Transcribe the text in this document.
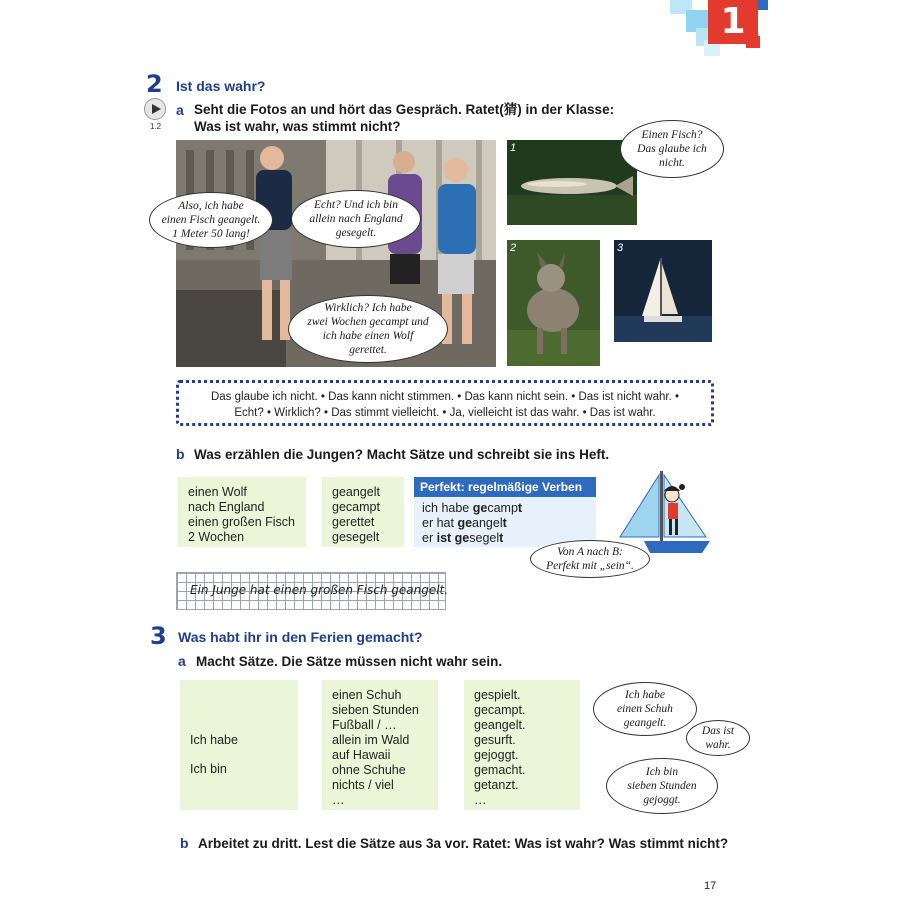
1
2 Ist das wahr?
1.2
a Seht die Fotos an und hört das Gespräch. Ratet(猜) in der Klasse:
Was ist wahr, was stimmt nicht?
1
2	3
Also, ich habe
einen Fisch geangelt.
1 Meter 50 lang!
Echt? Und ich bin
allein nach England
gesegelt.
Wirklich? Ich habe
zwei Wochen gecampt und
ich habe einen Wolf
gerettet.
Einen Fisch?
Das glaube ich
nicht.
Das glaube ich nicht. • Das kann nicht stimmen. • Das kann nicht sein. • Das ist nicht wahr. •
Echt? • Wirklich? • Das stimmt vielleicht. • Ja, vielleicht ist das wahr. • Das ist wahr.
b Was erzählen die Jungen? Macht Sätze und schreibt sie ins Heft.
einen Wolf
nach England
einen großen Fisch
2 Wochen
geangelt
gecampt
gerettet
gesegelt
Perfekt: regelmäßige Verben
ich habe gecampt
er hat geangelt
er ist gesegelt
Von A nach B:
Perfekt mit „sein“.
Ein Junge hat einen großen Fisch geangelt.
3 Was habt ihr in den Ferien gemacht?
a Macht Sätze. Die Sätze müssen nicht wahr sein.
Ich habe
Ich bin
einen Schuh
sieben Stunden
Fußball / …
allein im Wald
auf Hawaii
ohne Schuhe
nichts / viel
…
gespielt.
gecampt.
geangelt.
gesurft.
gejoggt.
gemacht.
getanzt.
…
Ich habe
einen Schuh
geangelt.
Das ist
wahr.
Ich bin
sieben Stunden
gejoggt.
b Arbeitet zu dritt. Lest die Sätze aus 3a vor. Ratet: Was ist wahr? Was stimmt nicht?
17
